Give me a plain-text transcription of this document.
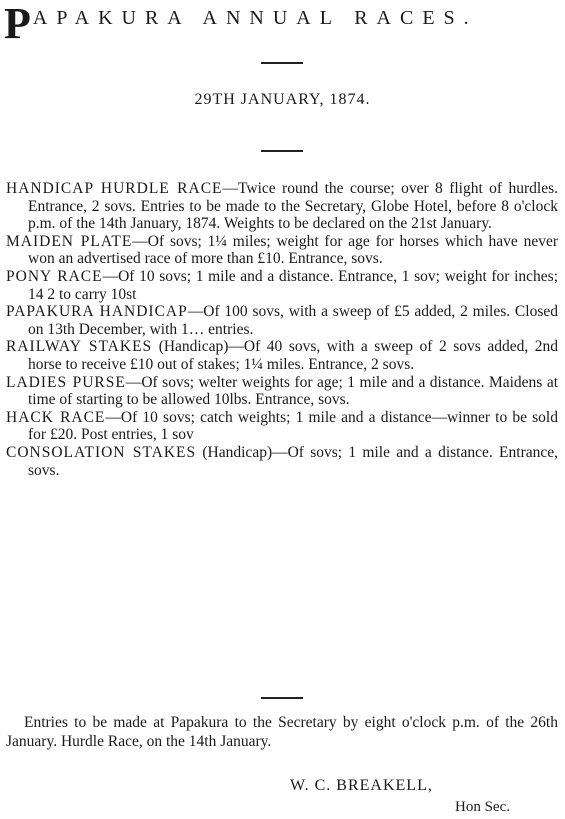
P APAKURA ANNUAL RACES.
29TH JANUARY, 1874.
HANDICAP HURDLE RACE—Twice round the course; over 8 flight of hurdles. Entrance, 2 sovs. Entries to be made to the Secretary, Globe Hotel, before 8 o'clock p.m. of the 14th January, 1874. Weights to be declared on the 21st January.
MAIDEN PLATE—Of sovs; 1¼ miles; weight for age for horses which have never won an advertised race of more than £10. Entrance, sovs.
PONY RACE—Of 10 sovs; 1 mile and a distance. Entrance, 1 sov; weight for inches; 14 2 to carry 10st
PAPAKURA HANDICAP—Of 100 sovs, with a sweep of £5 added, 2 miles. Closed on 13th December, with 1… entries.
RAILWAY STAKES (Handicap)—Of 40 sovs, with a sweep of 2 sovs added, 2nd horse to receive £10 out of stakes; 1¼ miles. Entrance, 2 sovs.
LADIES PURSE—Of sovs; welter weights for age; 1 mile and a distance. Maidens at time of starting to be allowed 10lbs. Entrance, sovs.
HACK RACE—Of 10 sovs; catch weights; 1 mile and a distance—winner to be sold for £20. Post entries, 1 sov
CONSOLATION STAKES (Handicap)—Of sovs; 1 mile and a distance. Entrance, sovs.
Entries to be made at Papakura to the Secretary by eight o'clock p.m. of the 26th January. Hurdle Race, on the 14th January.
W. C. BREAKELL,
Hon Sec.
